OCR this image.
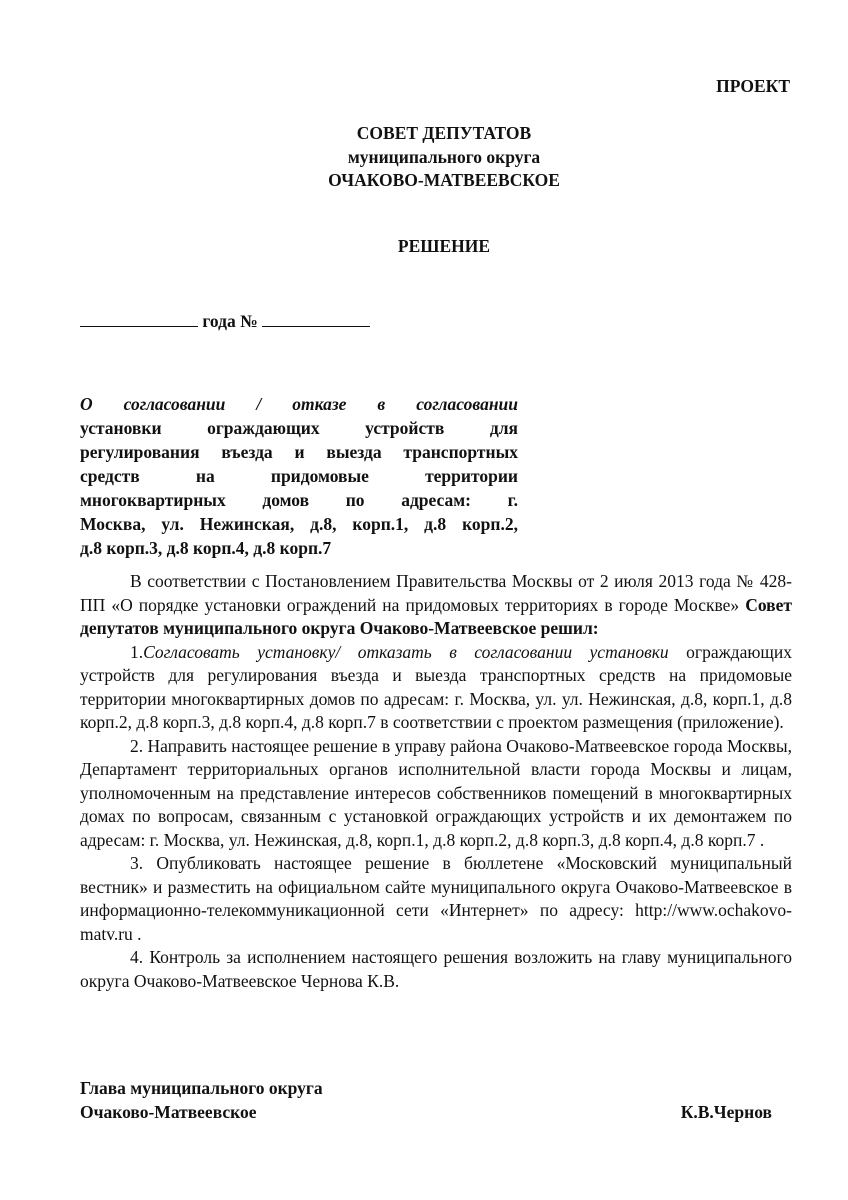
ПРОЕКТ
СОВЕТ ДЕПУТАТОВ
муниципального округа
ОЧАКОВО-МАТВЕЕВСКОЕ
РЕШЕНИЕ
года №
О согласовании / отказе в согласовании
установки ограждающих устройств для
регулирования въезда и выезда транспортных
средств на придомовые территории
многоквартирных домов по адресам: г.
Москва, ул. Нежинская, д.8, корп.1, д.8 корп.2,
д.8 корп.3, д.8 корп.4, д.8 корп.7

В соответствии с Постановлением Правительства Москвы от 2 июля 2013 года № 428-ПП «О порядке установки ограждений на придомовых территориях в городе Москве» Совет депутатов муниципального округа Очаково-Матвеевское решил:

1.Согласовать установку/ отказать в согласовании установки ограждающих устройств для регулирования въезда и выезда транспортных средств на придомовые территории многоквартирных домов по адресам: г. Москва, ул. ул. Нежинская, д.8, корп.1, д.8 корп.2, д.8 корп.3, д.8 корп.4, д.8 корп.7 в соответствии с проектом размещения (приложение).

2. Направить настоящее решение в управу района Очаково-Матвеевское города Москвы, Департамент территориальных органов исполнительной власти города Москвы и лицам, уполномоченным на представление интересов собственников помещений в многоквартирных домах по вопросам, связанным с установкой ограждающих устройств и их демонтажем по адресам: г. Москва, ул. Нежинская, д.8, корп.1, д.8 корп.2, д.8 корп.3, д.8 корп.4, д.8 корп.7 .

3. Опубликовать настоящее решение в бюллетене «Московский муниципальный вестник» и разместить на официальном сайте муниципального округа Очаково-Матвеевское в информационно-телекоммуникационной сети «Интернет» по адресу: http://www.ochakovo-matv.ru .

4. Контроль за исполнением настоящего решения возложить на главу муниципального округа Очаково-Матвеевское Чернова К.В.

Глава муниципального округа
Очаково-Матвеевское	К.В.Чернов
